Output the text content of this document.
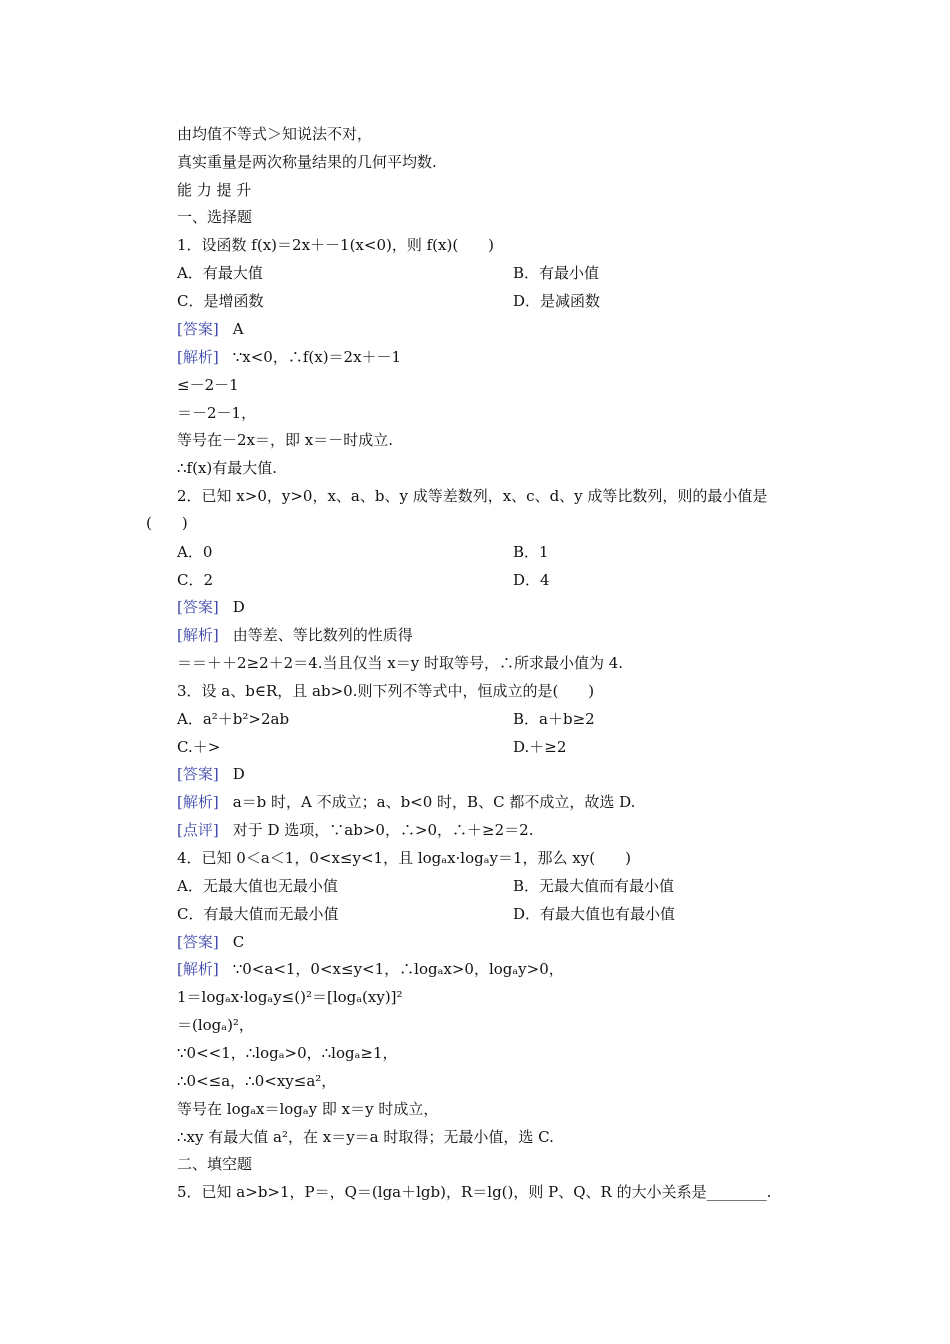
由均值不等式＞知说法不对，
真实重量是两次称量结果的几何平均数.
能 力 提 升
一、选择题
1．设函数 f(x)＝2x＋－1(x<0)，则 f(x)(　　)
A．有最大值	B．有最小值
C．是增函数	D．是减函数
[答案] A
[解析] ∵x<0，∴f(x)＝2x＋－1
≤－2－1
＝－2－1，
等号在－2x＝，即 x＝－时成立.
∴f(x)有最大值.
2．已知 x>0，y>0，x、a、b、y 成等差数列，x、c、d、y 成等比数列，则的最小值是
(　　)
A．0	B．1
C．2	D．4
[答案] D
[解析] 由等差、等比数列的性质得
＝＝＋＋2≥2＋2＝4.当且仅当 x＝y 时取等号，∴所求最小值为 4.
3．设 a、b∈R，且 ab>0.则下列不等式中，恒成立的是(　　)
A．a²＋b²>2ab	B．a＋b≥2
C.＋>	D.＋≥2
[答案] D
[解析] a＝b 时，A 不成立；a、b<0 时，B、C 都不成立，故选 D.
[点评] 对于 D 选项，∵ab>0，∴>0，∴＋≥2＝2.
4．已知 0＜a＜1，0<x≤y<1，且 logₐx·logₐy＝1，那么 xy(　　)
A．无最大值也无最小值	B．无最大值而有最小值
C．有最大值而无最小值	D．有最大值也有最小值
[答案] C
[解析] ∵0<a<1，0<x≤y<1，∴logₐx>0，logₐy>0，
1＝logₐx·logₐy≤()²＝[logₐ(xy)]²
＝(logₐ)²，
∵0<<1，∴logₐ>0，∴logₐ≥1，
∴0<≤a，∴0<xy≤a²，
等号在 logₐx＝logₐy 即 x＝y 时成立，
∴xy 有最大值 a²，在 x＝y＝a 时取得；无最小值，选 C.
二、填空题
5．已知 a>b>1，P＝，Q＝(lga＋lgb)，R＝lg()，则 P、Q、R 的大小关系是________.
